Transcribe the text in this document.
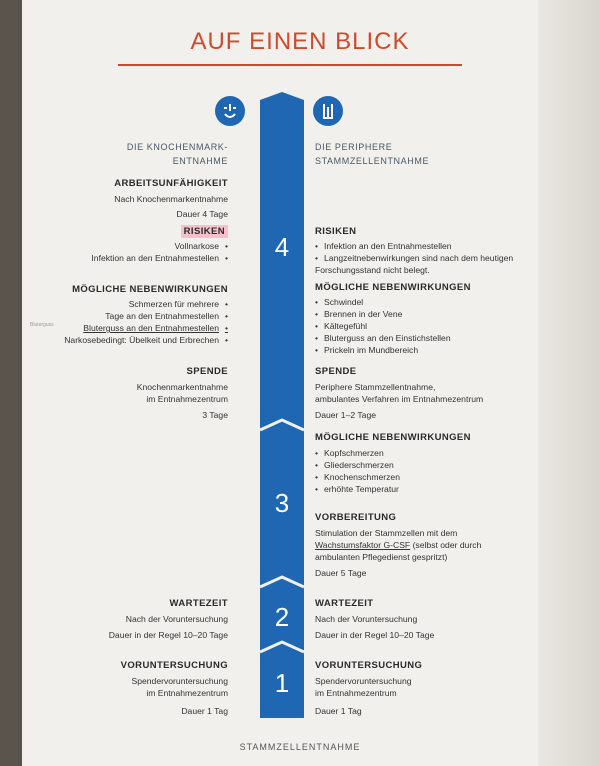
AUF EINEN BLICK
4
3
2
1
DIE KNOCHENMARK-
ENTNAHME
DIE PERIPHERE
STAMMZELLENTNAHME
ARBEITSUNFÄHIGKEIT
Nach Knochenmarkentnahme
Dauer 4 Tage
RISIKEN
Vollnarkose •
Infektion an den Entnahmestellen •
Bluterguss
MÖGLICHE NEBENWIRKUNGEN
Schmerzen für mehrere •
Tage an den Entnahmestellen •
Bluterguss an den Entnahmestellen •
Narkosebedingt: Übelkeit und Erbrechen •
SPENDE
Knochenmarkentnahme
im Entnahmezentrum
3 Tage
WARTEZEIT
Nach der Voruntersuchung
Dauer in der Regel 10–20 Tage
VORUNTERSUCHUNG
Spendervoruntersuchung
im Entnahmezentrum
Dauer 1 Tag
RISIKEN
• Infektion an den Entnahmestellen
• Langzeitnebenwirkungen sind nach dem heutigen Forschungsstand nicht belegt.
MÖGLICHE NEBENWIRKUNGEN
• Schwindel
• Brennen in der Vene
• Kältegefühl
• Bluterguss an den Einstichstellen
• Prickeln im Mundbereich
SPENDE
Periphere Stammzellentnahme,
ambulantes Verfahren im Entnahmezentrum
Dauer 1–2 Tage
MÖGLICHE NEBENWIRKUNGEN
• Kopfschmerzen
• Gliederschmerzen
• Knochenschmerzen
• erhöhte Temperatur
VORBEREITUNG
Stimulation der Stammzellen mit dem
Wachstumsfaktor G-CSF (selbst oder durch
ambulanten Pflegedienst gespritzt)
Dauer 5 Tage
WARTEZEIT
Nach der Voruntersuchung
Dauer in der Regel 10–20 Tage
VORUNTERSUCHUNG
Spendervoruntersuchung
im Entnahmezentrum
Dauer 1 Tag
STAMMZELLENTNAHME
